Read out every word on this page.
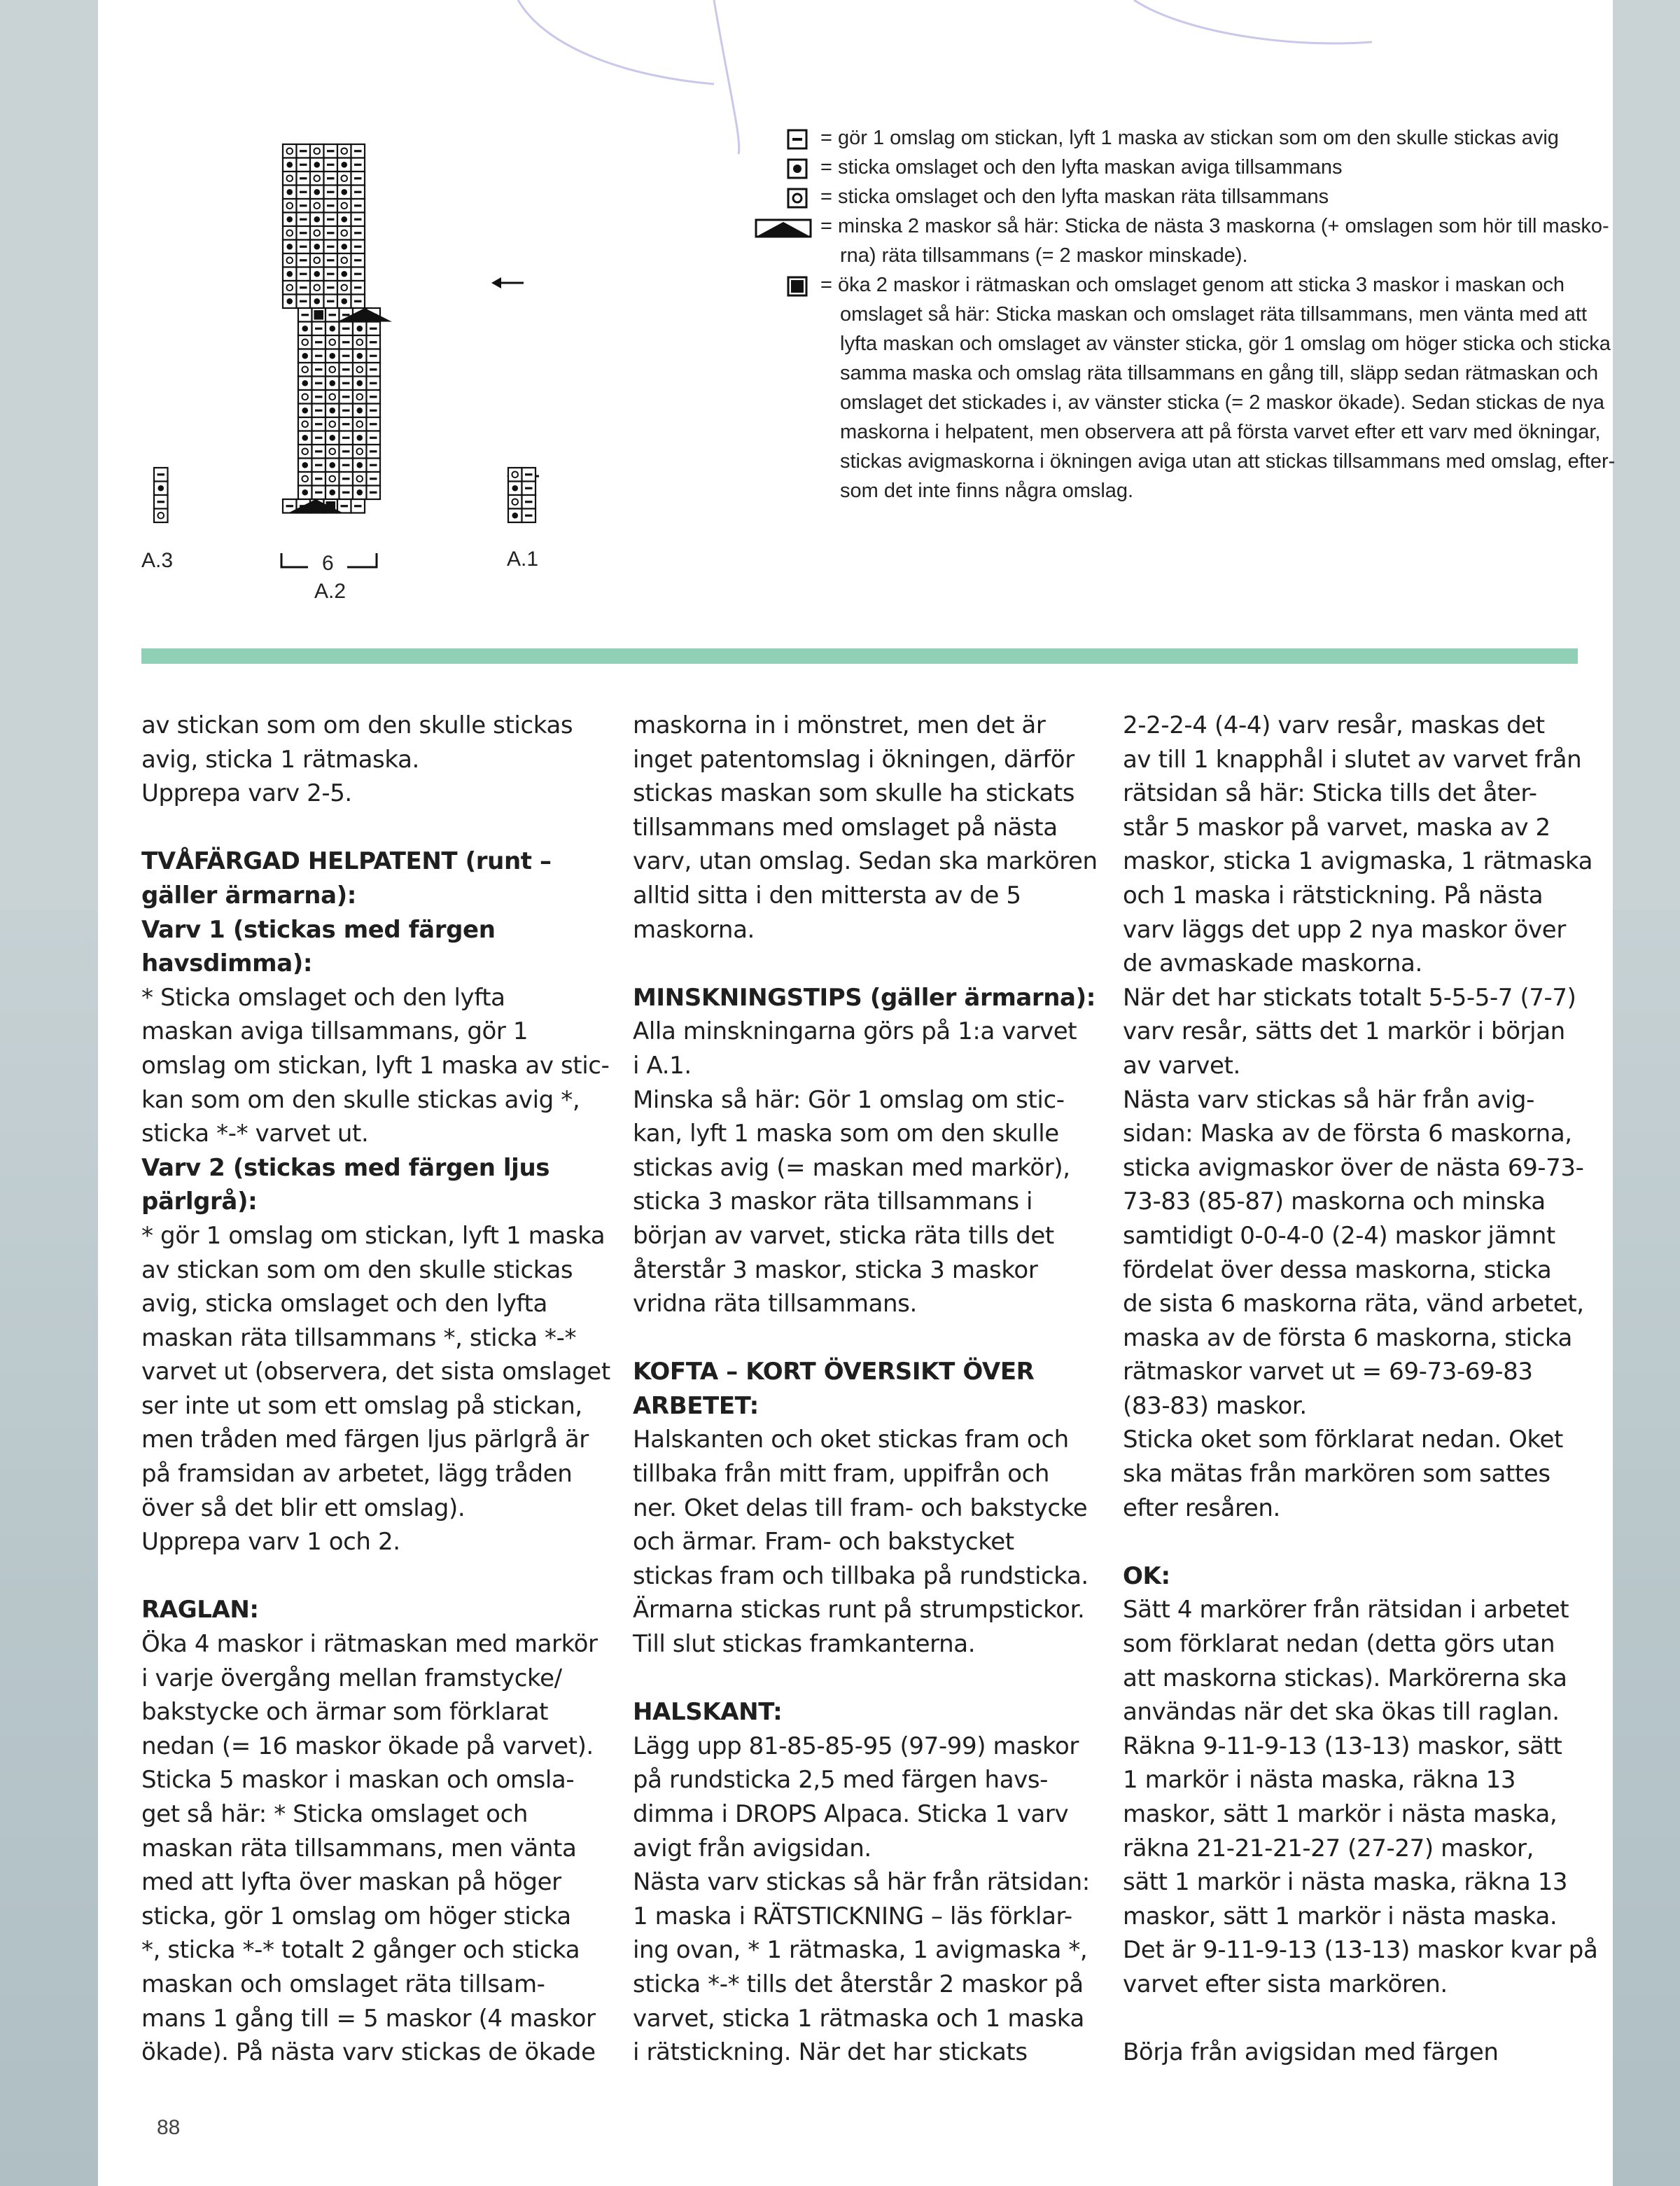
A.3	A.1
6
A.2
= gör 1 omslag om stickan, lyft 1 maska av stickan som om den skulle stickas avig
= sticka omslaget och den lyfta maskan aviga tillsammans
= sticka omslaget och den lyfta maskan räta tillsammans
= minska 2 maskor så här: Sticka de nästa 3 maskorna (+ omslagen som hör till masko-
rna) räta tillsammans (= 2 maskor minskade).
= öka 2 maskor i rätmaskan och omslaget genom att sticka 3 maskor i maskan och
omslaget så här: Sticka maskan och omslaget räta tillsammans, men vänta med att
lyfta maskan och omslaget av vänster sticka, gör 1 omslag om höger sticka och sticka
samma maska och omslag räta tillsammans en gång till, släpp sedan rätmaskan och
omslaget det stickades i, av vänster sticka (= 2 maskor ökade). Sedan stickas de nya
maskorna i helpatent, men observera att på första varvet efter ett varv med ökningar,
stickas avigmaskorna i ökningen aviga utan att stickas tillsammans med omslag, efter-
som det inte finns några omslag.
av stickan som om den skulle stickas
avig, sticka 1 rätmaska.
Upprepa varv 2-5.
TVÅFÄRGAD HELPATENT (runt –
gäller ärmarna):
Varv 1 (stickas med färgen
havsdimma):
* Sticka omslaget och den lyfta
maskan aviga tillsammans, gör 1
omslag om stickan, lyft 1 maska av stic-
kan som om den skulle stickas avig *,
sticka *-* varvet ut.
Varv 2 (stickas med färgen ljus
pärlgrå):
* gör 1 omslag om stickan, lyft 1 maska
av stickan som om den skulle stickas
avig, sticka omslaget och den lyfta
maskan räta tillsammans *, sticka *-*
varvet ut (observera, det sista omslaget
ser inte ut som ett omslag på stickan,
men tråden med färgen ljus pärlgrå är
på framsidan av arbetet, lägg tråden
över så det blir ett omslag).
Upprepa varv 1 och 2.
RAGLAN:
Öka 4 maskor i rätmaskan med markör
i varje övergång mellan framstycke/
bakstycke och ärmar som förklarat
nedan (= 16 maskor ökade på varvet).
Sticka 5 maskor i maskan och omsla-
get så här: * Sticka omslaget och
maskan räta tillsammans, men vänta
med att lyfta över maskan på höger
sticka, gör 1 omslag om höger sticka
*, sticka *-* totalt 2 gånger och sticka
maskan och omslaget räta tillsam-
mans 1 gång till = 5 maskor (4 maskor
ökade). På nästa varv stickas de ökade
maskorna in i mönstret, men det är
inget patentomslag i ökningen, därför
stickas maskan som skulle ha stickats
tillsammans med omslaget på nästa
varv, utan omslag. Sedan ska markören
alltid sitta i den mittersta av de 5
maskorna.
MINSKNINGSTIPS (gäller ärmarna):
Alla minskningarna görs på 1:a varvet
i A.1.
Minska så här: Gör 1 omslag om stic-
kan, lyft 1 maska som om den skulle
stickas avig (= maskan med markör),
sticka 3 maskor räta tillsammans i
början av varvet, sticka räta tills det
återstår 3 maskor, sticka 3 maskor
vridna räta tillsammans.
KOFTA – KORT ÖVERSIKT ÖVER
ARBETET:
Halskanten och oket stickas fram och
tillbaka från mitt fram, uppifrån och
ner. Oket delas till fram- och bakstycke
och ärmar. Fram- och bakstycket
stickas fram och tillbaka på rundsticka.
Ärmarna stickas runt på strumpstickor.
Till slut stickas framkanterna.
HALSKANT:
Lägg upp 81-85-85-95 (97-99) maskor
på rundsticka 2,5 med färgen havs-
dimma i DROPS Alpaca. Sticka 1 varv
avigt från avigsidan.
Nästa varv stickas så här från rätsidan:
1 maska i RÄTSTICKNING – läs förklar-
ing ovan, * 1 rätmaska, 1 avigmaska *,
sticka *-* tills det återstår 2 maskor på
varvet, sticka 1 rätmaska och 1 maska
i rätstickning. När det har stickats
2-2-2-4 (4-4) varv resår, maskas det
av till 1 knapphål i slutet av varvet från
rätsidan så här: Sticka tills det åter-
står 5 maskor på varvet, maska av 2
maskor, sticka 1 avigmaska, 1 rätmaska
och 1 maska i rätstickning. På nästa
varv läggs det upp 2 nya maskor över
de avmaskade maskorna.
När det har stickats totalt 5-5-5-7 (7-7)
varv resår, sätts det 1 markör i början
av varvet.
Nästa varv stickas så här från avig-
sidan: Maska av de första 6 maskorna,
sticka avigmaskor över de nästa 69-73-
73-83 (85-87) maskorna och minska
samtidigt 0-0-4-0 (2-4) maskor jämnt
fördelat över dessa maskorna, sticka
de sista 6 maskorna räta, vänd arbetet,
maska av de första 6 maskorna, sticka
rätmaskor varvet ut = 69-73-69-83
(83-83) maskor.
Sticka oket som förklarat nedan. Oket
ska mätas från markören som sattes
efter resåren.
OK:
Sätt 4 markörer från rätsidan i arbetet
som förklarat nedan (detta görs utan
att maskorna stickas). Markörerna ska
användas när det ska ökas till raglan.
Räkna 9-11-9-13 (13-13) maskor, sätt
1 markör i nästa maska, räkna 13
maskor, sätt 1 markör i nästa maska,
räkna 21-21-21-27 (27-27) maskor,
sätt 1 markör i nästa maska, räkna 13
maskor, sätt 1 markör i nästa maska.
Det är 9-11-9-13 (13-13) maskor kvar på
varvet efter sista markören.
Börja från avigsidan med färgen
88
